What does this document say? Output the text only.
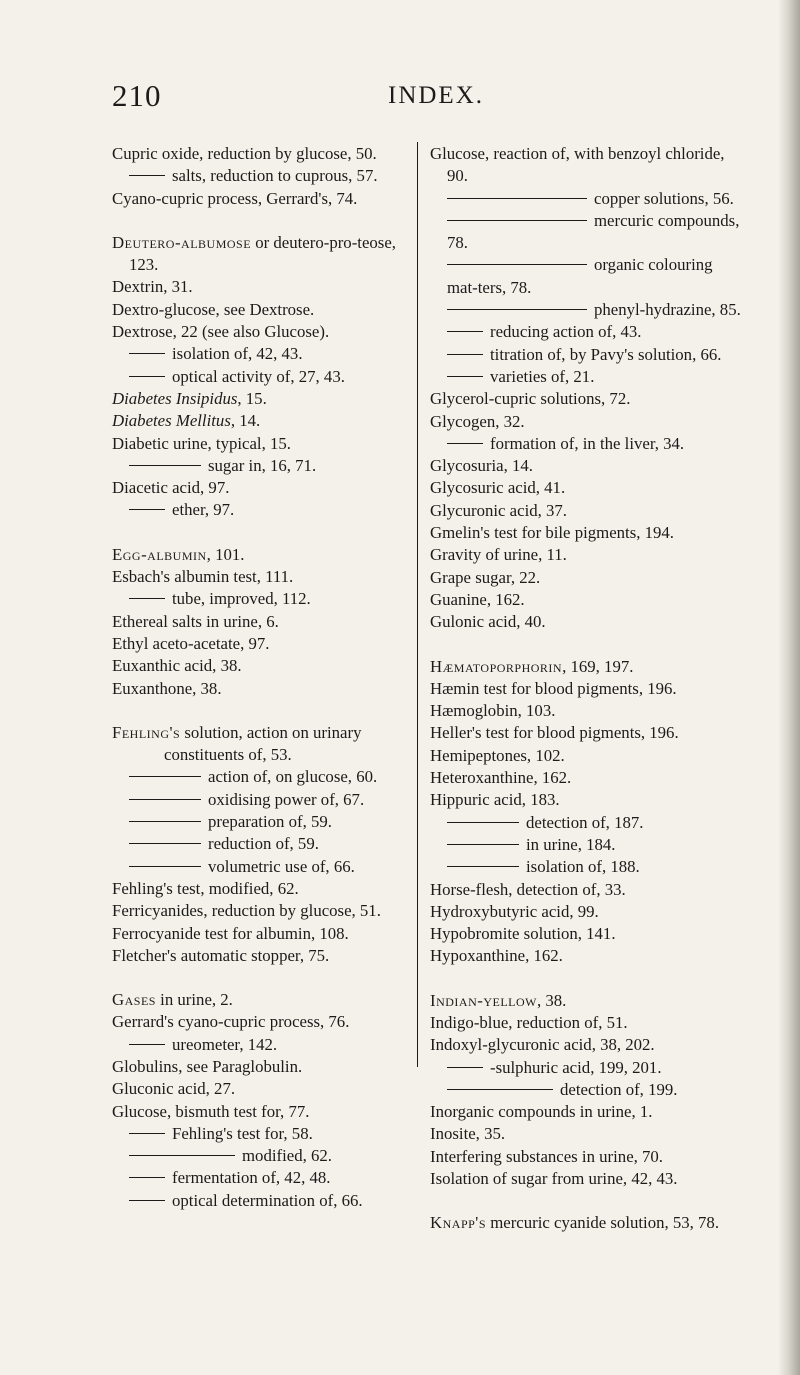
210	INDEX.
Cupric oxide, reduction by glucose, 50.
salts, reduction to cuprous, 57.
Cyano-cupric process, Gerrard's, 74.
Deutero-albumose or deutero-pro-teose, 123.
Dextrin, 31.
Dextro-glucose, see Dextrose.
Dextrose, 22 (see also Glucose).
isolation of, 42, 43.
optical activity of, 27, 43.
Diabetes Insipidus, 15.
Diabetes Mellitus, 14.
Diabetic urine, typical, 15.
sugar in, 16, 71.
Diacetic acid, 97.
ether, 97.
Egg-albumin, 101.
Esbach's albumin test, 111.
tube, improved, 112.
Ethereal salts in urine, 6.
Ethyl aceto-acetate, 97.
Euxanthic acid, 38.
Euxanthone, 38.
Fehling's solution, action on urinary
constituents of, 53.
action of, on glucose, 60.
oxidising power of, 67.
preparation of, 59.
reduction of, 59.
volumetric use of, 66.
Fehling's test, modified, 62.
Ferricyanides, reduction by glucose, 51.
Ferrocyanide test for albumin, 108.
Fletcher's automatic stopper, 75.
Gases in urine, 2.
Gerrard's cyano-cupric process, 76.
ureometer, 142.
Globulins, see Paraglobulin.
Gluconic acid, 27.
Glucose, bismuth test for, 77.
Fehling's test for, 58.
modified, 62.
fermentation of, 42, 48.
optical determination of, 66.
Glucose, reaction of, with benzoyl chloride, 90.
copper solutions, 56.
mercuric compounds, 78.
organic colouring mat-ters, 78.
phenyl-hydrazine, 85.
reducing action of, 43.
titration of, by Pavy's solution, 66.
varieties of, 21.
Glycerol-cupric solutions, 72.
Glycogen, 32.
formation of, in the liver, 34.
Glycosuria, 14.
Glycosuric acid, 41.
Glycuronic acid, 37.
Gmelin's test for bile pigments, 194.
Gravity of urine, 11.
Grape sugar, 22.
Guanine, 162.
Gulonic acid, 40.
Hæmatoporphorin, 169, 197.
Hæmin test for blood pigments, 196.
Hæmoglobin, 103.
Heller's test for blood pigments, 196.
Hemipeptones, 102.
Heteroxanthine, 162.
Hippuric acid, 183.
detection of, 187.
in urine, 184.
isolation of, 188.
Horse-flesh, detection of, 33.
Hydroxybutyric acid, 99.
Hypobromite solution, 141.
Hypoxanthine, 162.
Indian-yellow, 38.
Indigo-blue, reduction of, 51.
Indoxyl-glycuronic acid, 38, 202.
-sulphuric acid, 199, 201.
detection of, 199.
Inorganic compounds in urine, 1.
Inosite, 35.
Interfering substances in urine, 70.
Isolation of sugar from urine, 42, 43.
Knapp's mercuric cyanide solution, 53, 78.
